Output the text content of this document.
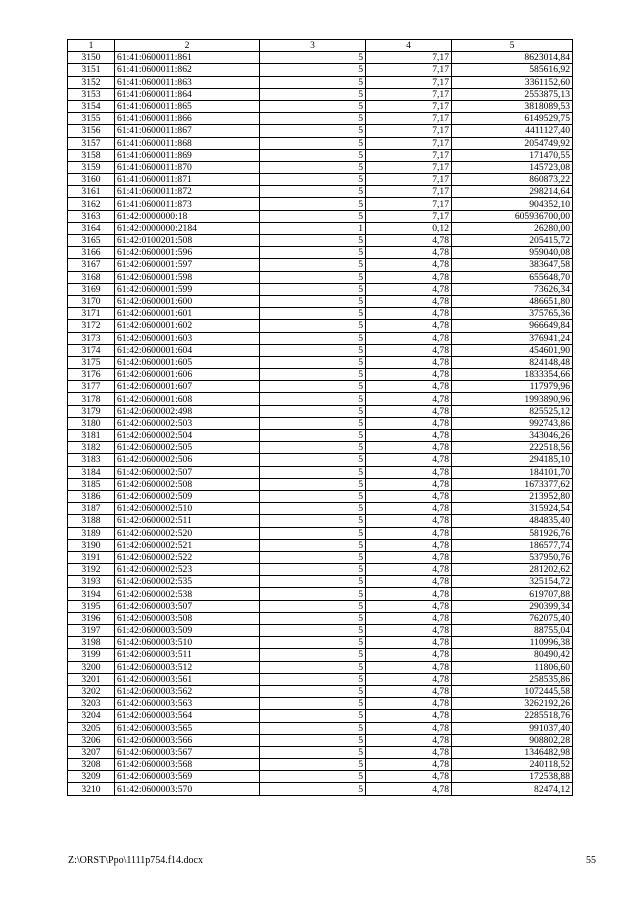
1	2	3	4	5
3150	61:41:0600011:861	5	7,17	8623014,84
3151	61:41:0600011:862	5	7,17	585616,92
3152	61:41:0600011:863	5	7,17	3361152,60
3153	61:41:0600011:864	5	7,17	2553875,13
3154	61:41:0600011:865	5	7,17	3818089,53
3155	61:41:0600011:866	5	7,17	6149529,75
3156	61:41:0600011:867	5	7,17	4411127,40
3157	61:41:0600011:868	5	7,17	2054749,92
3158	61:41:0600011:869	5	7,17	171470,55
3159	61:41:0600011:870	5	7,17	145723,08
3160	61:41:0600011:871	5	7,17	860873,22
3161	61:41:0600011:872	5	7,17	298214,64
3162	61:41:0600011:873	5	7,17	904352,10
3163	61:42:0000000:18	5	7,17	605936700,00
3164	61:42:0000000:2184	1	0,12	26280,00
3165	61:42:0100201:508	5	4,78	205415,72
3166	61:42:0600001:596	5	4,78	959040,08
3167	61:42:0600001:597	5	4,78	383647,58
3168	61:42:0600001:598	5	4,78	655648,70
3169	61:42:0600001:599	5	4,78	73626,34
3170	61:42:0600001:600	5	4,78	486651,80
3171	61:42:0600001:601	5	4,78	375765,36
3172	61:42:0600001:602	5	4,78	966649,84
3173	61:42:0600001:603	5	4,78	376941,24
3174	61:42:0600001:604	5	4,78	454601,90
3175	61:42:0600001:605	5	4,78	824148,48
3176	61:42:0600001:606	5	4,78	1833354,66
3177	61:42:0600001:607	5	4,78	117979,96
3178	61:42:0600001:608	5	4,78	1993890,96
3179	61:42:0600002:498	5	4,78	825525,12
3180	61:42:0600002:503	5	4,78	992743,86
3181	61:42:0600002:504	5	4,78	343046,26
3182	61:42:0600002:505	5	4,78	222518,56
3183	61:42:0600002:506	5	4,78	294185,10
3184	61:42:0600002:507	5	4,78	184101,70
3185	61:42:0600002:508	5	4,78	1673377,62
3186	61:42:0600002:509	5	4,78	213952,80
3187	61:42:0600002:510	5	4,78	315924,54
3188	61:42:0600002:511	5	4,78	484835,40
3189	61:42:0600002:520	5	4,78	581926,76
3190	61:42:0600002:521	5	4,78	186577,74
3191	61:42:0600002:522	5	4,78	537950,76
3192	61:42:0600002:523	5	4,78	281202,62
3193	61:42:0600002:535	5	4,78	325154,72
3194	61:42:0600002:538	5	4,78	619707,88
3195	61:42:0600003:507	5	4,78	290399,34
3196	61:42:0600003:508	5	4,78	762075,40
3197	61:42:0600003:509	5	4,78	88755,04
3198	61:42:0600003:510	5	4,78	110996,38
3199	61:42:0600003:511	5	4,78	80490,42
3200	61:42:0600003:512	5	4,78	11806,60
3201	61:42:0600003:561	5	4,78	258535,86
3202	61:42:0600003:562	5	4,78	1072445,58
3203	61:42:0600003:563	5	4,78	3262192,26
3204	61:42:0600003:564	5	4,78	2285518,76
3205	61:42:0600003:565	5	4,78	991037,40
3206	61:42:0600003:566	5	4,78	908802,28
3207	61:42:0600003:567	5	4,78	1346482,98
3208	61:42:0600003:568	5	4,78	240118,52
3209	61:42:0600003:569	5	4,78	172538,88
3210	61:42:0600003:570	5	4,78	82474,12
Z:\ORST\Ppo\1111p754.f14.docx	55
